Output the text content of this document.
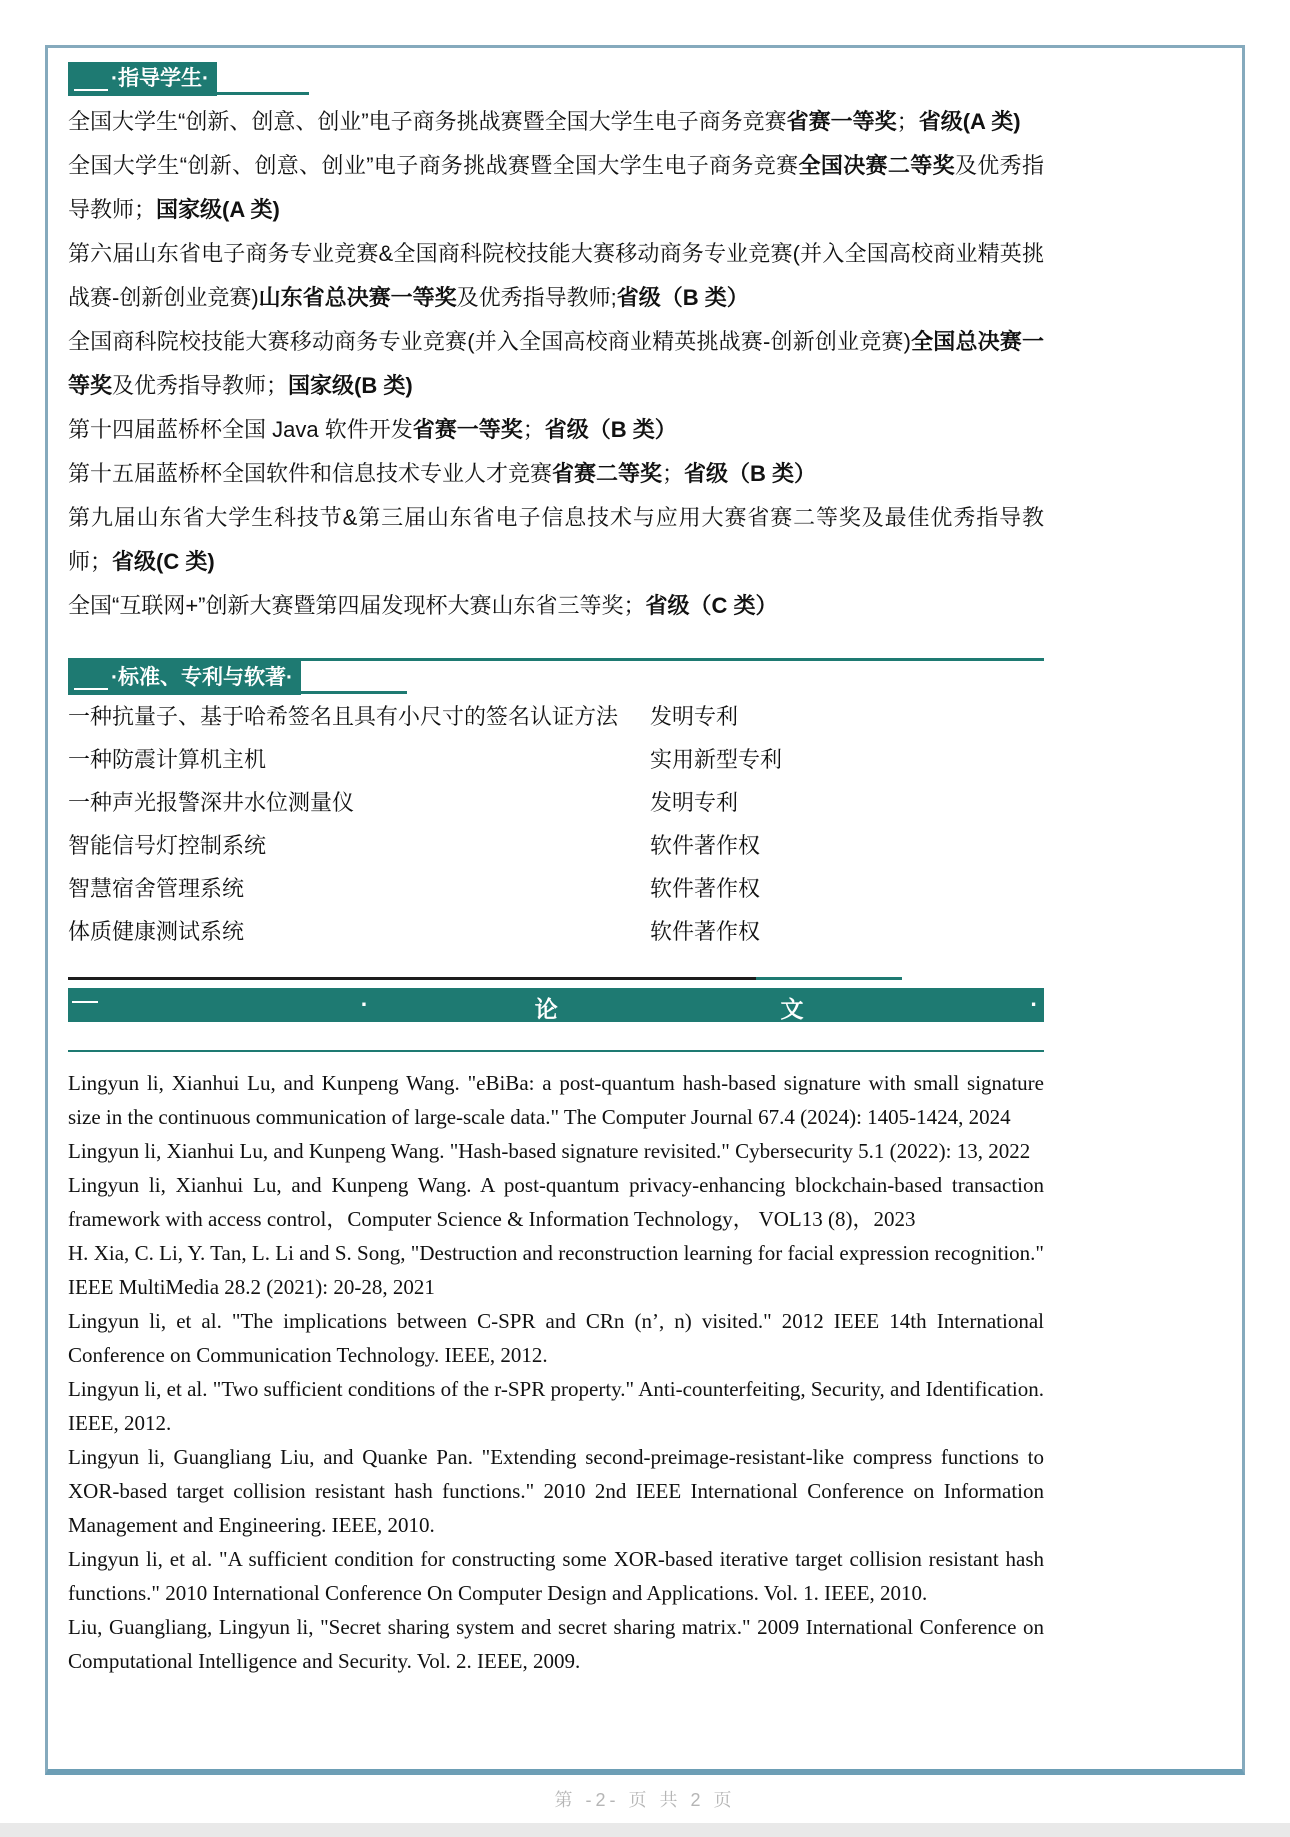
·指导学生·

全国大学生“创新、创意、创业”电子商务挑战赛暨全国大学生电子商务竞赛省赛一等奖；省级(A 类)

全国大学生“创新、创意、创业”电子商务挑战赛暨全国大学生电子商务竞赛全国决赛二等奖及优秀指导教师；国家级(A 类)

第六届山东省电子商务专业竞赛&全国商科院校技能大赛移动商务专业竞赛(并入全国高校商业精英挑战赛-创新创业竞赛)山东省总决赛一等奖及优秀指导教师;省级（B 类）

全国商科院校技能大赛移动商务专业竞赛(并入全国高校商业精英挑战赛-创新创业竞赛)全国总决赛一等奖及优秀指导教师；国家级(B 类)

第十四届蓝桥杯全国 Java 软件开发省赛一等奖；省级（B 类）

第十五届蓝桥杯全国软件和信息技术专业人才竞赛省赛二等奖；省级（B 类）

第九届山东省大学生科技节&第三届山东省电子信息技术与应用大赛省赛二等奖及最佳优秀指导教师；省级(C 类)

全国“互联网+”创新大赛暨第四届发现杯大赛山东省三等奖；省级（C 类）

·标准、专利与软著·
一种抗量子、基于哈希签名且具有小尺寸的签名认证方法	发明专利
一种防震计算机主机	实用新型专利
一种声光报警深井水位测量仪	发明专利
智能信号灯控制系统	软件著作权
智慧宿舍管理系统	软件著作权
体质健康测试系统	软件著作权
·	论	文	·

Lingyun li, Xianhui Lu, and Kunpeng Wang. "eBiBa: a post-quantum hash-based signature with small signature size in the continuous communication of large-scale data." The Computer Journal 67.4 (2024): 1405-1424, 2024

Lingyun li, Xianhui Lu, and Kunpeng Wang. "Hash-based signature revisited." Cybersecurity 5.1 (2022): 13, 2022

Lingyun li, Xianhui Lu, and Kunpeng Wang. A post-quantum privacy-enhancing blockchain-based transaction framework with access control，Computer Science & Information Technology， VOL13 (8)，2023

H. Xia, C. Li, Y. Tan, L. Li and S. Song, "Destruction and reconstruction learning for facial expression recognition." IEEE MultiMedia 28.2 (2021): 20-28, 2021

Lingyun li, et al. "The implications between C-SPR and CRn (n’, n) visited." 2012 IEEE 14th International Conference on Communication Technology. IEEE, 2012.

Lingyun li, et al. "Two sufficient conditions of the r-SPR property." Anti-counterfeiting, Security, and Identification. IEEE, 2012.

Lingyun li, Guangliang Liu, and Quanke Pan. "Extending second-preimage-resistant-like compress functions to XOR-based target collision resistant hash functions." 2010 2nd IEEE International Conference on Information Management and Engineering. IEEE, 2010.

Lingyun li, et al. "A sufficient condition for constructing some XOR-based iterative target collision resistant hash functions." 2010 International Conference On Computer Design and Applications. Vol. 1. IEEE, 2010.

Liu, Guangliang, Lingyun li, "Secret sharing system and secret sharing matrix." 2009 International Conference on Computational Intelligence and Security. Vol. 2. IEEE, 2009.

第 -2- 页 共 2 页
